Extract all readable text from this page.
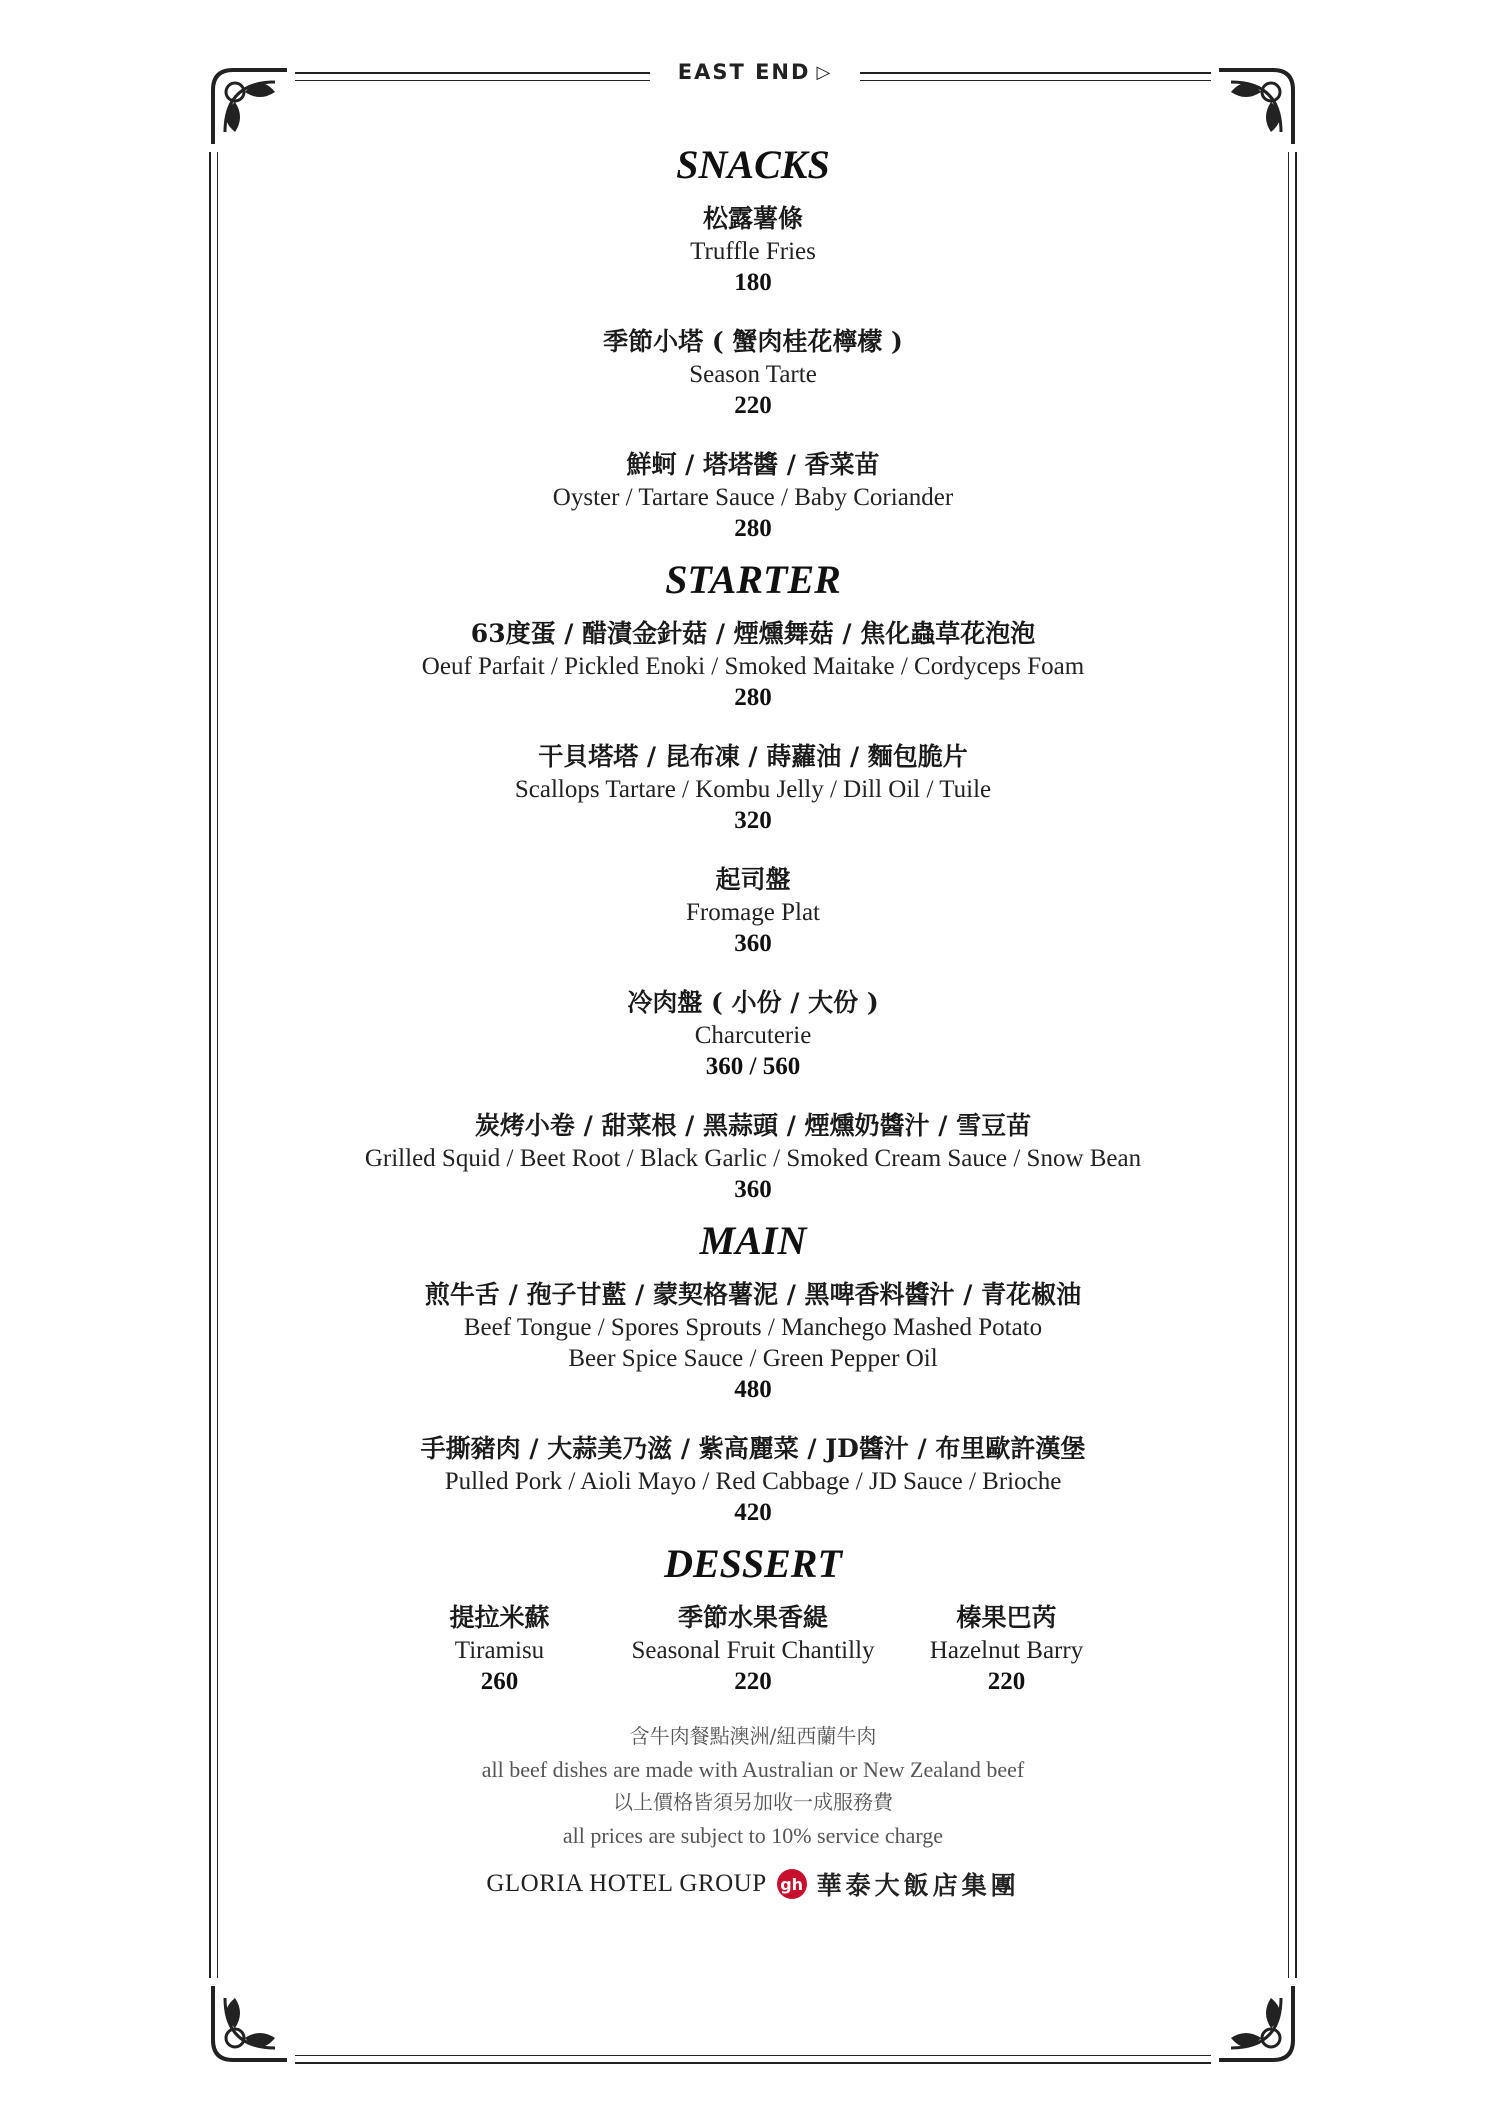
EAST END ▷
SNACKS
松露薯條
Truffle Fries
180
季節小塔 ( 蟹肉桂花檸檬 )
Season Tarte
220
鮮蚵 / 塔塔醬 / 香菜苗
Oyster / Tartare Sauce / Baby Coriander
280
STARTER
63度蛋 / 醋漬金針菇 / 煙燻舞菇 / 焦化蟲草花泡泡
Oeuf Parfait / Pickled Enoki / Smoked Maitake / Cordyceps Foam
280
干貝塔塔 / 昆布凍 / 蒔蘿油 / 麵包脆片
Scallops Tartare / Kombu Jelly / Dill Oil / Tuile
320
起司盤
Fromage Plat
360
冷肉盤 ( 小份 / 大份 )
Charcuterie
360 / 560
炭烤小卷 / 甜菜根 / 黑蒜頭 / 煙燻奶醬汁 / 雪豆苗
Grilled Squid / Beet Root / Black Garlic / Smoked Cream Sauce / Snow Bean
360
MAIN
煎牛舌 / 孢子甘藍 / 蒙契格薯泥 / 黑啤香料醬汁 / 青花椒油
Beef Tongue / Spores Sprouts / Manchego Mashed Potato
Beer Spice Sauce / Green Pepper Oil
480
手撕豬肉 / 大蒜美乃滋 / 紫高麗菜 / JD醬汁 / 布里歐許漢堡
Pulled Pork / Aioli Mayo / Red Cabbage / JD Sauce / Brioche
420
DESSERT
提拉米蘇
Tiramisu
260
季節水果香緹
Seasonal Fruit Chantilly
220
榛果巴芮
Hazelnut Barry
220
含牛肉餐點澳洲/紐西蘭牛肉
all beef dishes are made with Australian or New Zealand beef
以上價格皆須另加收一成服務費
all prices are subject to 10% service charge
GLORIA HOTEL GROUP gh 華泰大飯店集團
